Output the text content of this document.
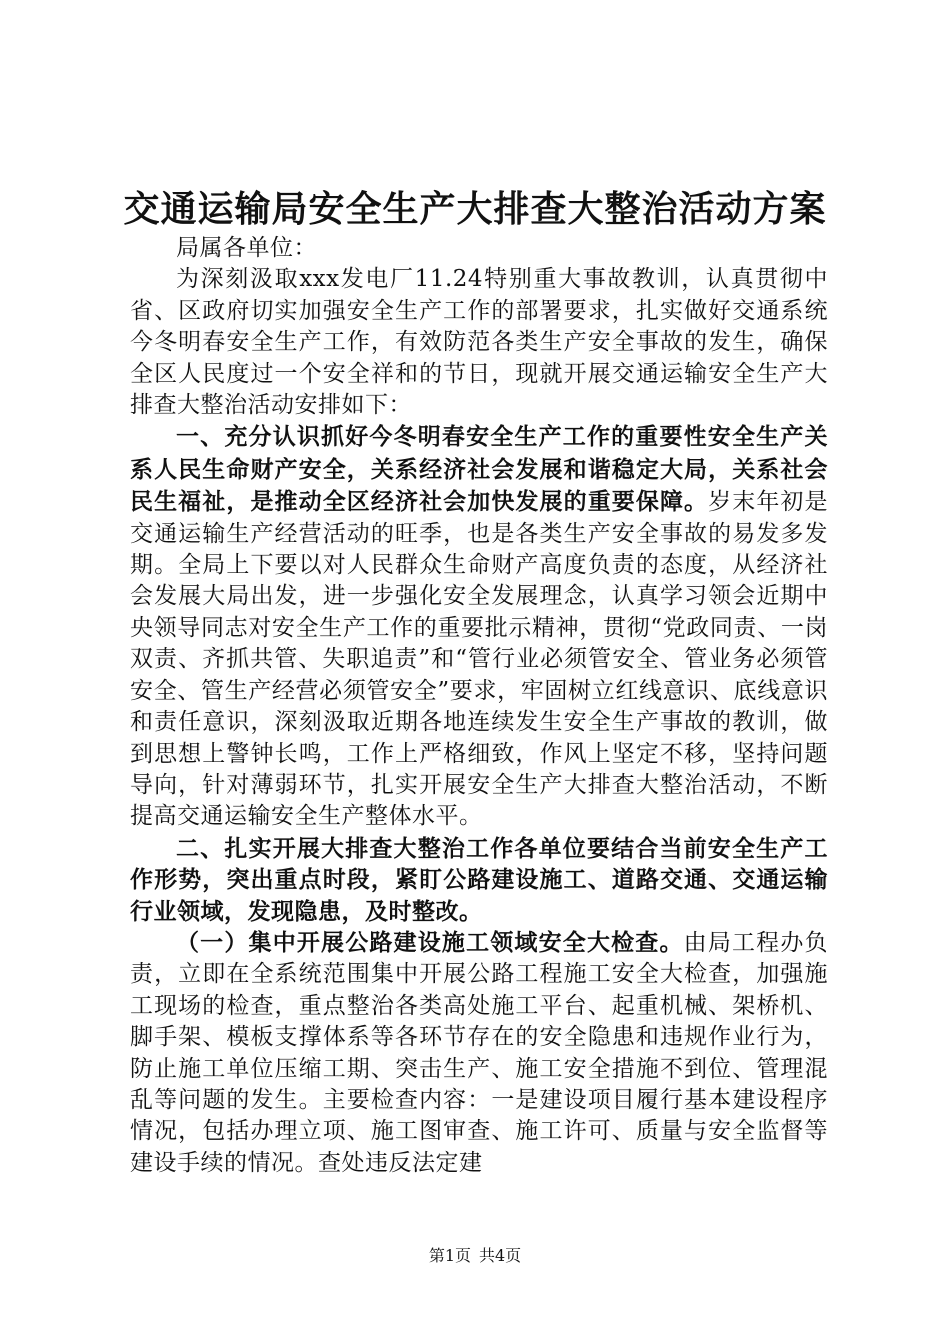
交通运输局安全生产大排查大整治活动方案

局属各单位：

为深刻汲取xxx发电厂11.24特别重大事故教训，认真贯彻中省、区政府切实加强安全生产工作的部署要求，扎实做好交通系统今冬明春安全生产工作，有效防范各类生产安全事故的发生，确保全区人民度过一个安全祥和的节日，现就开展交通运输安全生产大排查大整治活动安排如下：

一、充分认识抓好今冬明春安全生产工作的重要性安全生产关系人民生命财产安全，关系经济社会发展和谐稳定大局，关系社会民生福祉，是推动全区经济社会加快发展的重要保障。岁末年初是交通运输生产经营活动的旺季，也是各类生产安全事故的易发多发期。全局上下要以对人民群众生命财产高度负责的态度，从经济社会发展大局出发，进一步强化安全发展理念，认真学习领会近期中央领导同志对安全生产工作的重要批示精神，贯彻“党政同责、一岗双责、齐抓共管、失职追责”和“管行业必须管安全、管业务必须管安全、管生产经营必须管安全”要求，牢固树立红线意识、底线意识和责任意识，深刻汲取近期各地连续发生安全生产事故的教训，做到思想上警钟长鸣，工作上严格细致，作风上坚定不移，坚持问题导向，针对薄弱环节，扎实开展安全生产大排查大整治活动，不断提高交通运输安全生产整体水平。

二、扎实开展大排查大整治工作各单位要结合当前安全生产工作形势，突出重点时段，紧盯公路建设施工、道路交通、交通运输行业领域，发现隐患，及时整改。

（一）集中开展公路建设施工领域安全大检查。由局工程办负责，立即在全系统范围集中开展公路工程施工安全大检查，加强施工现场的检查，重点整治各类高处施工平台、起重机械、架桥机、脚手架、模板支撑体系等各环节存在的安全隐患和违规作业行为，防止施工单位压缩工期、突击生产、施工安全措施不到位、管理混乱等问题的发生。主要检查内容：一是建设项目履行基本建设程序情况，包括办理立项、施工图审查、施工许可、质量与安全监督等建设手续的情况。查处违反法定建

第1页 共4页
